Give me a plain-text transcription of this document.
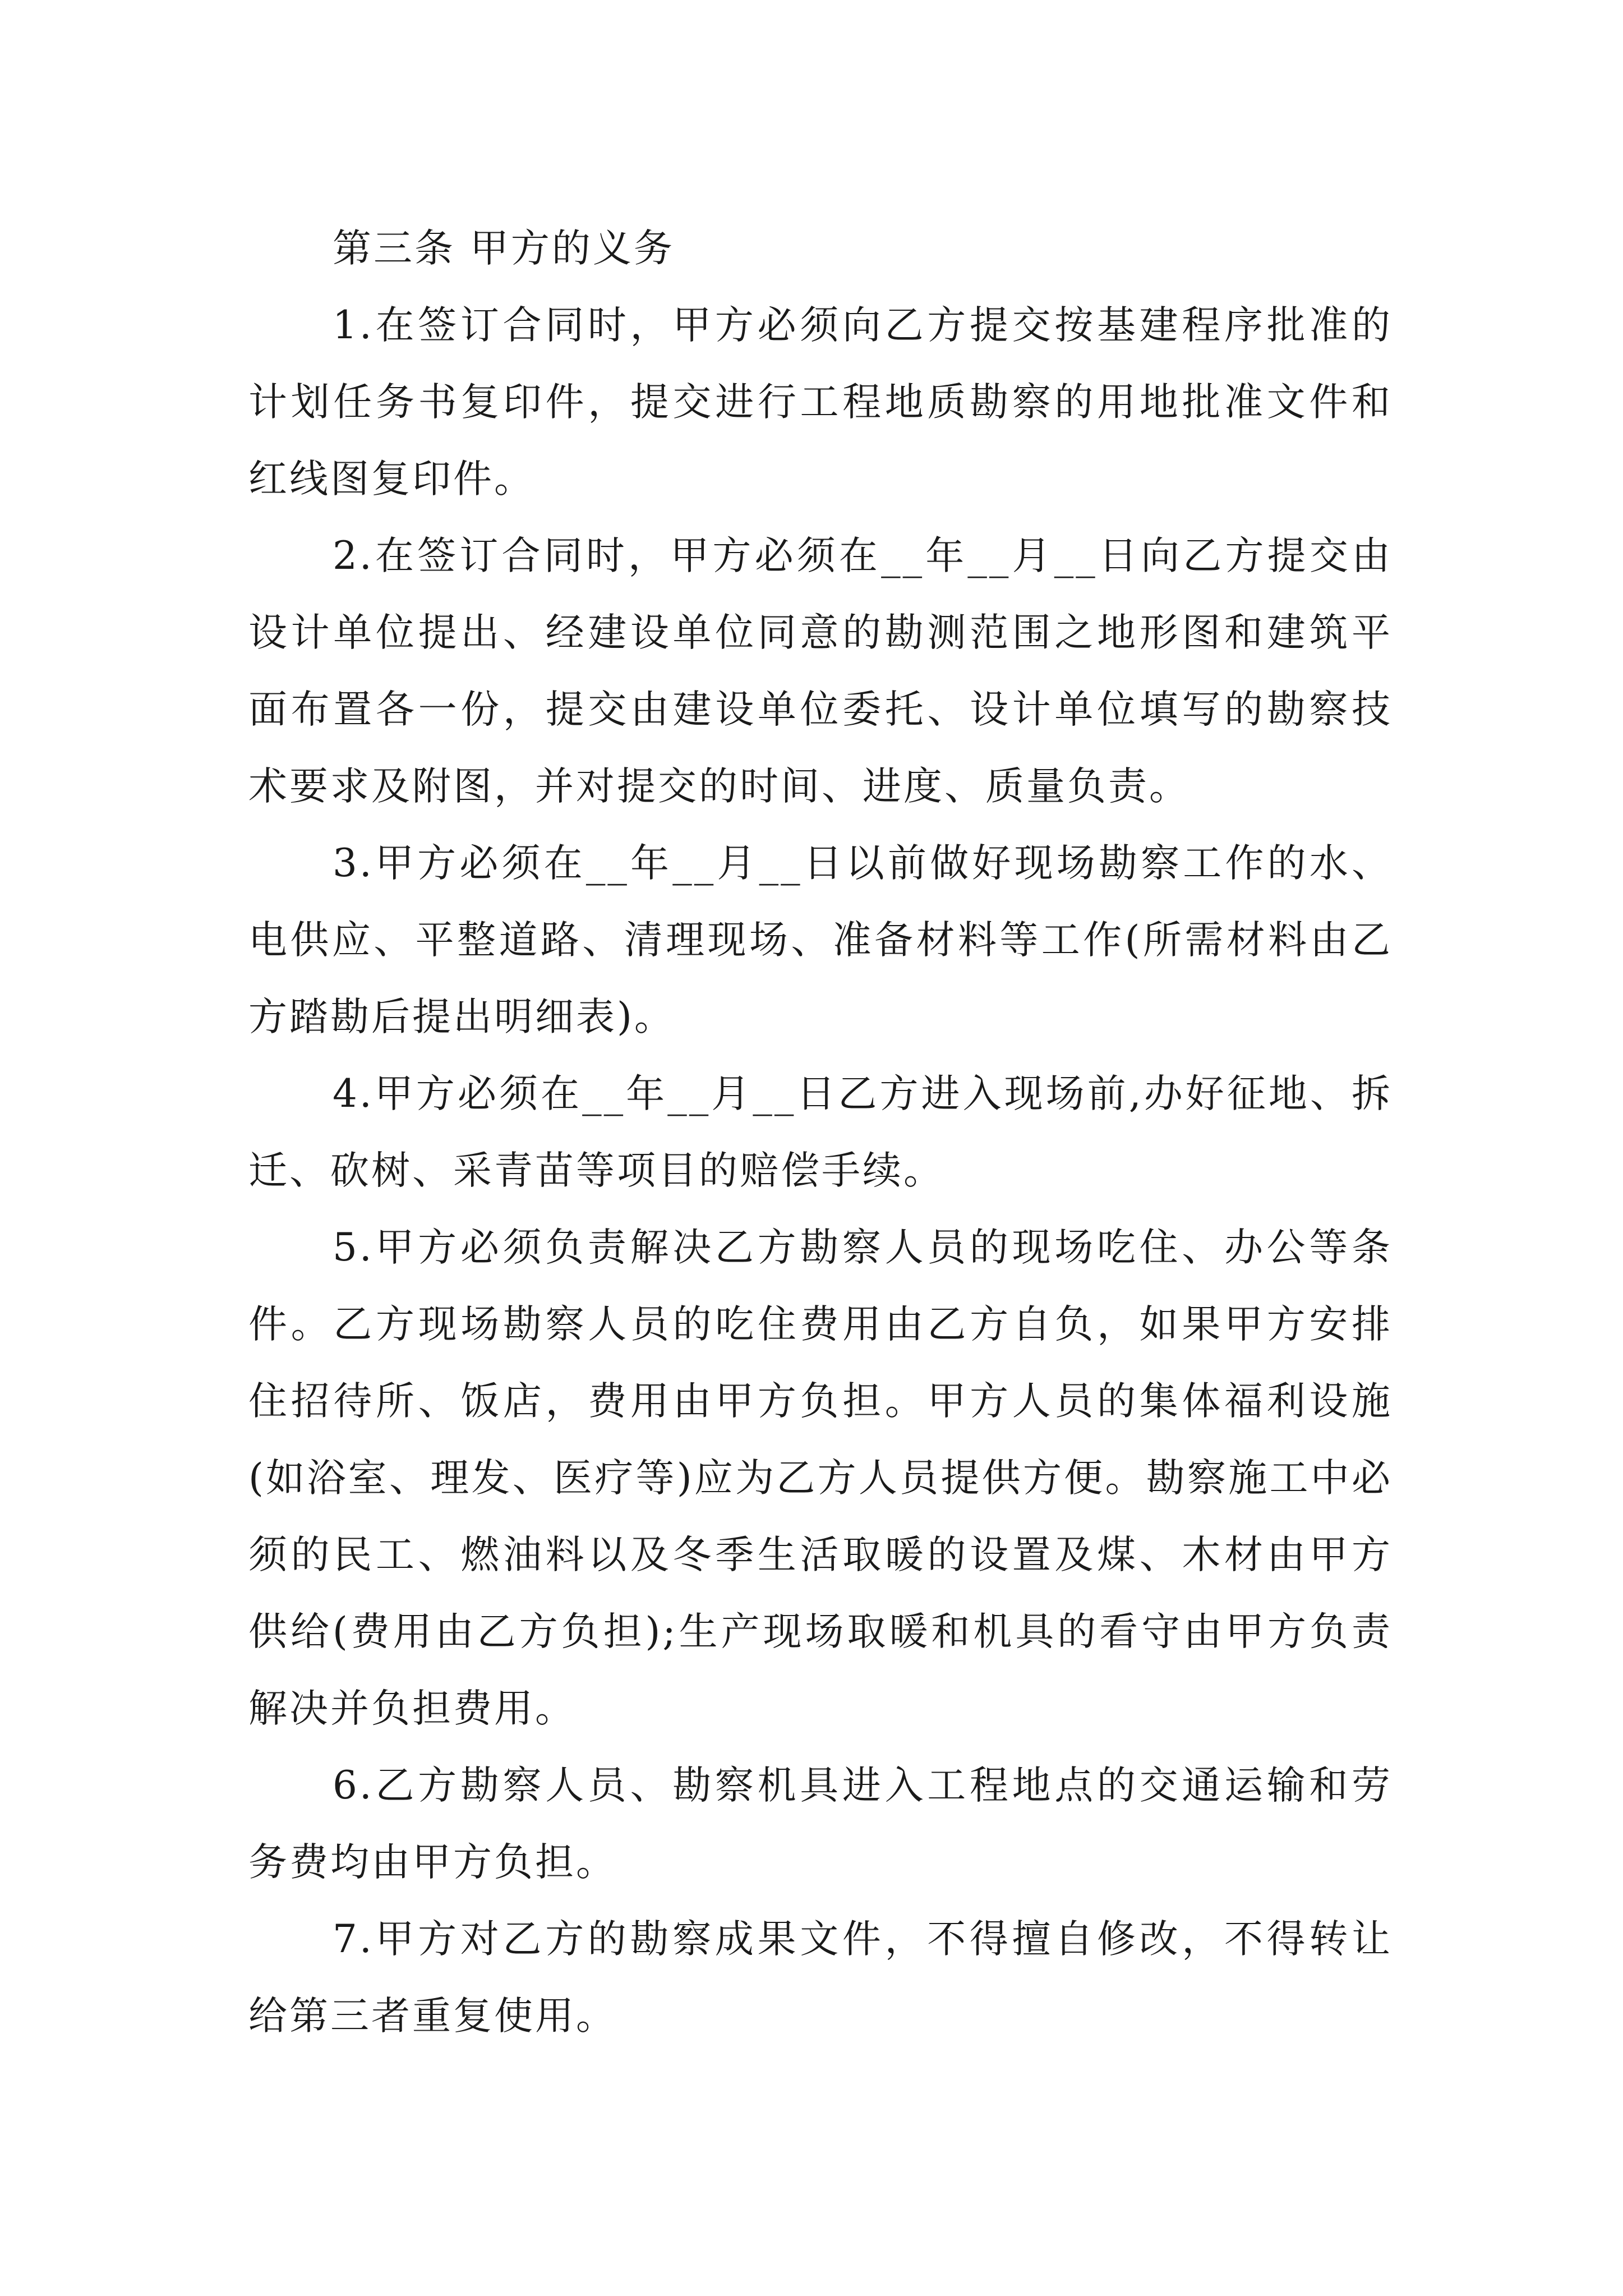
第三条 甲方的义务

1.在签订合同时，甲方必须向乙方提交按基建程序批准的计划任务书复印件，提交进行工程地质勘察的用地批准文件和红线图复印件。

2.在签订合同时，甲方必须在__年__月__日向乙方提交由设计单位提出、经建设单位同意的勘测范围之地形图和建筑平面布置各一份，提交由建设单位委托、设计单位填写的勘察技术要求及附图，并对提交的时间、进度、质量负责。

3.甲方必须在__年__月__日以前做好现场勘察工作的水、电供应、平整道路、清理现场、准备材料等工作(所需材料由乙方踏勘后提出明细表)。

4.甲方必须在__年__月__日乙方进入现场前,办好征地、拆迁、砍树、采青苗等项目的赔偿手续。

5.甲方必须负责解决乙方勘察人员的现场吃住、办公等条件。乙方现场勘察人员的吃住费用由乙方自负，如果甲方安排住招待所、饭店，费用由甲方负担。甲方人员的集体福利设施(如浴室、理发、医疗等)应为乙方人员提供方便。勘察施工中必须的民工、燃油料以及冬季生活取暖的设置及煤、木材由甲方供给(费用由乙方负担);生产现场取暖和机具的看守由甲方负责解决并负担费用。

6.乙方勘察人员、勘察机具进入工程地点的交通运输和劳务费均由甲方负担。

7.甲方对乙方的勘察成果文件，不得擅自修改，不得转让给第三者重复使用。
